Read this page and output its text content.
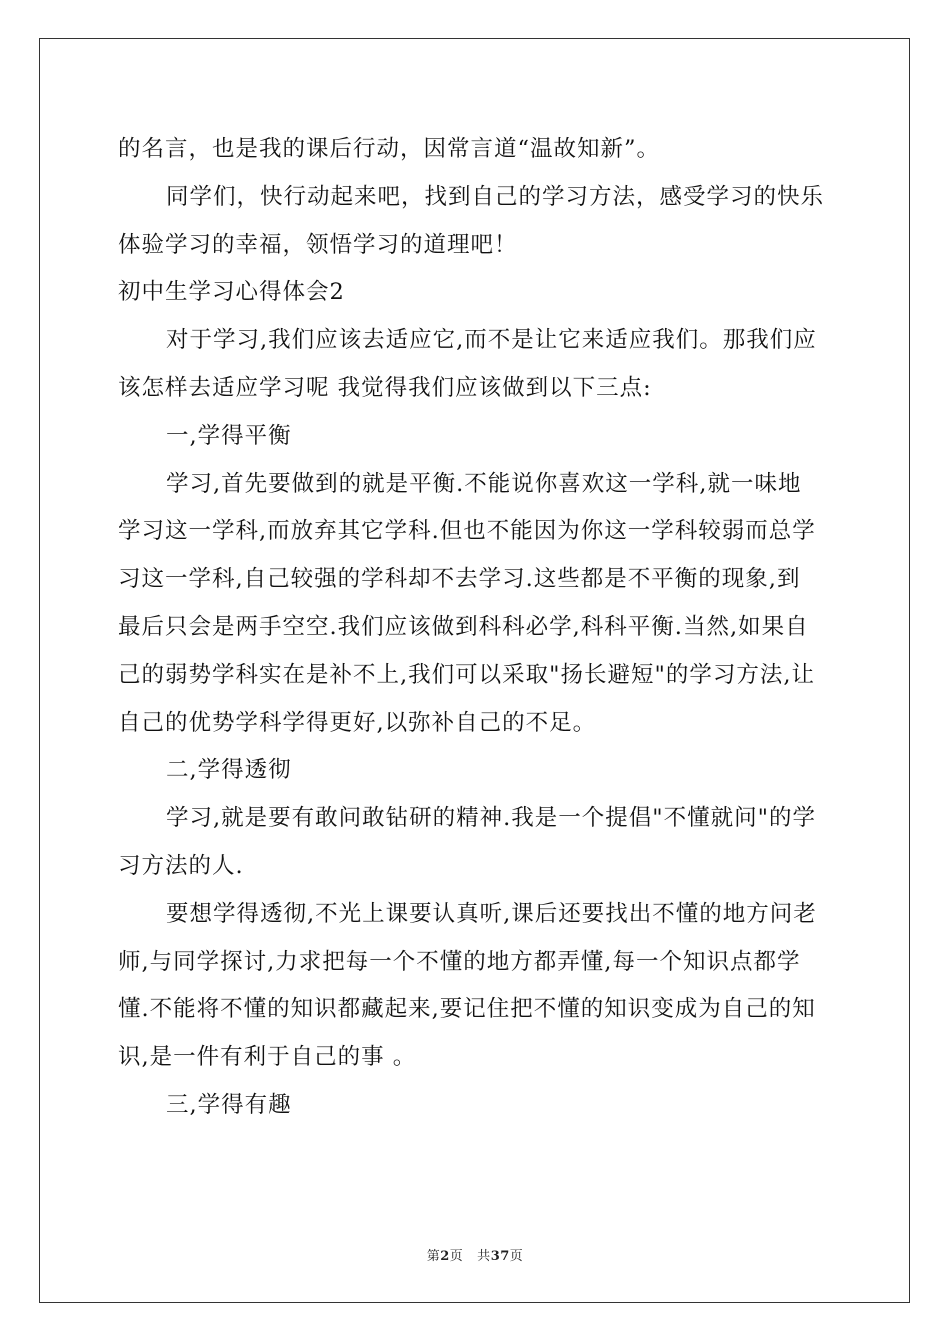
的名言，也是我的课后行动，因常言道“温故知新”。
同学们，快行动起来吧，找到自己的学习方法，感受学习的快乐
体验学习的幸福，领悟学习的道理吧！
初中生学习心得体会2
对于学习,我们应该去适应它,而不是让它来适应我们。那我们应
该怎样去适应学习呢 我觉得我们应该做到以下三点:
一,学得平衡
学习,首先要做到的就是平衡.不能说你喜欢这一学科,就一味地
学习这一学科,而放弃其它学科.但也不能因为你这一学科较弱而总学
习这一学科,自己较强的学科却不去学习.这些都是不平衡的现象,到
最后只会是两手空空.我们应该做到科科必学,科科平衡.当然,如果自
己的弱势学科实在是补不上,我们可以采取"扬长避短"的学习方法,让
自己的优势学科学得更好,以弥补自己的不足。
二,学得透彻
学习,就是要有敢问敢钻研的精神.我是一个提倡"不懂就问"的学
习方法的人.
要想学得透彻,不光上课要认真听,课后还要找出不懂的地方问老
师,与同学探讨,力求把每一个不懂的地方都弄懂,每一个知识点都学
懂.不能将不懂的知识都藏起来,要记住把不懂的知识变成为自己的知
识,是一件有利于自己的事 。
三,学得有趣
第2页 共37页
